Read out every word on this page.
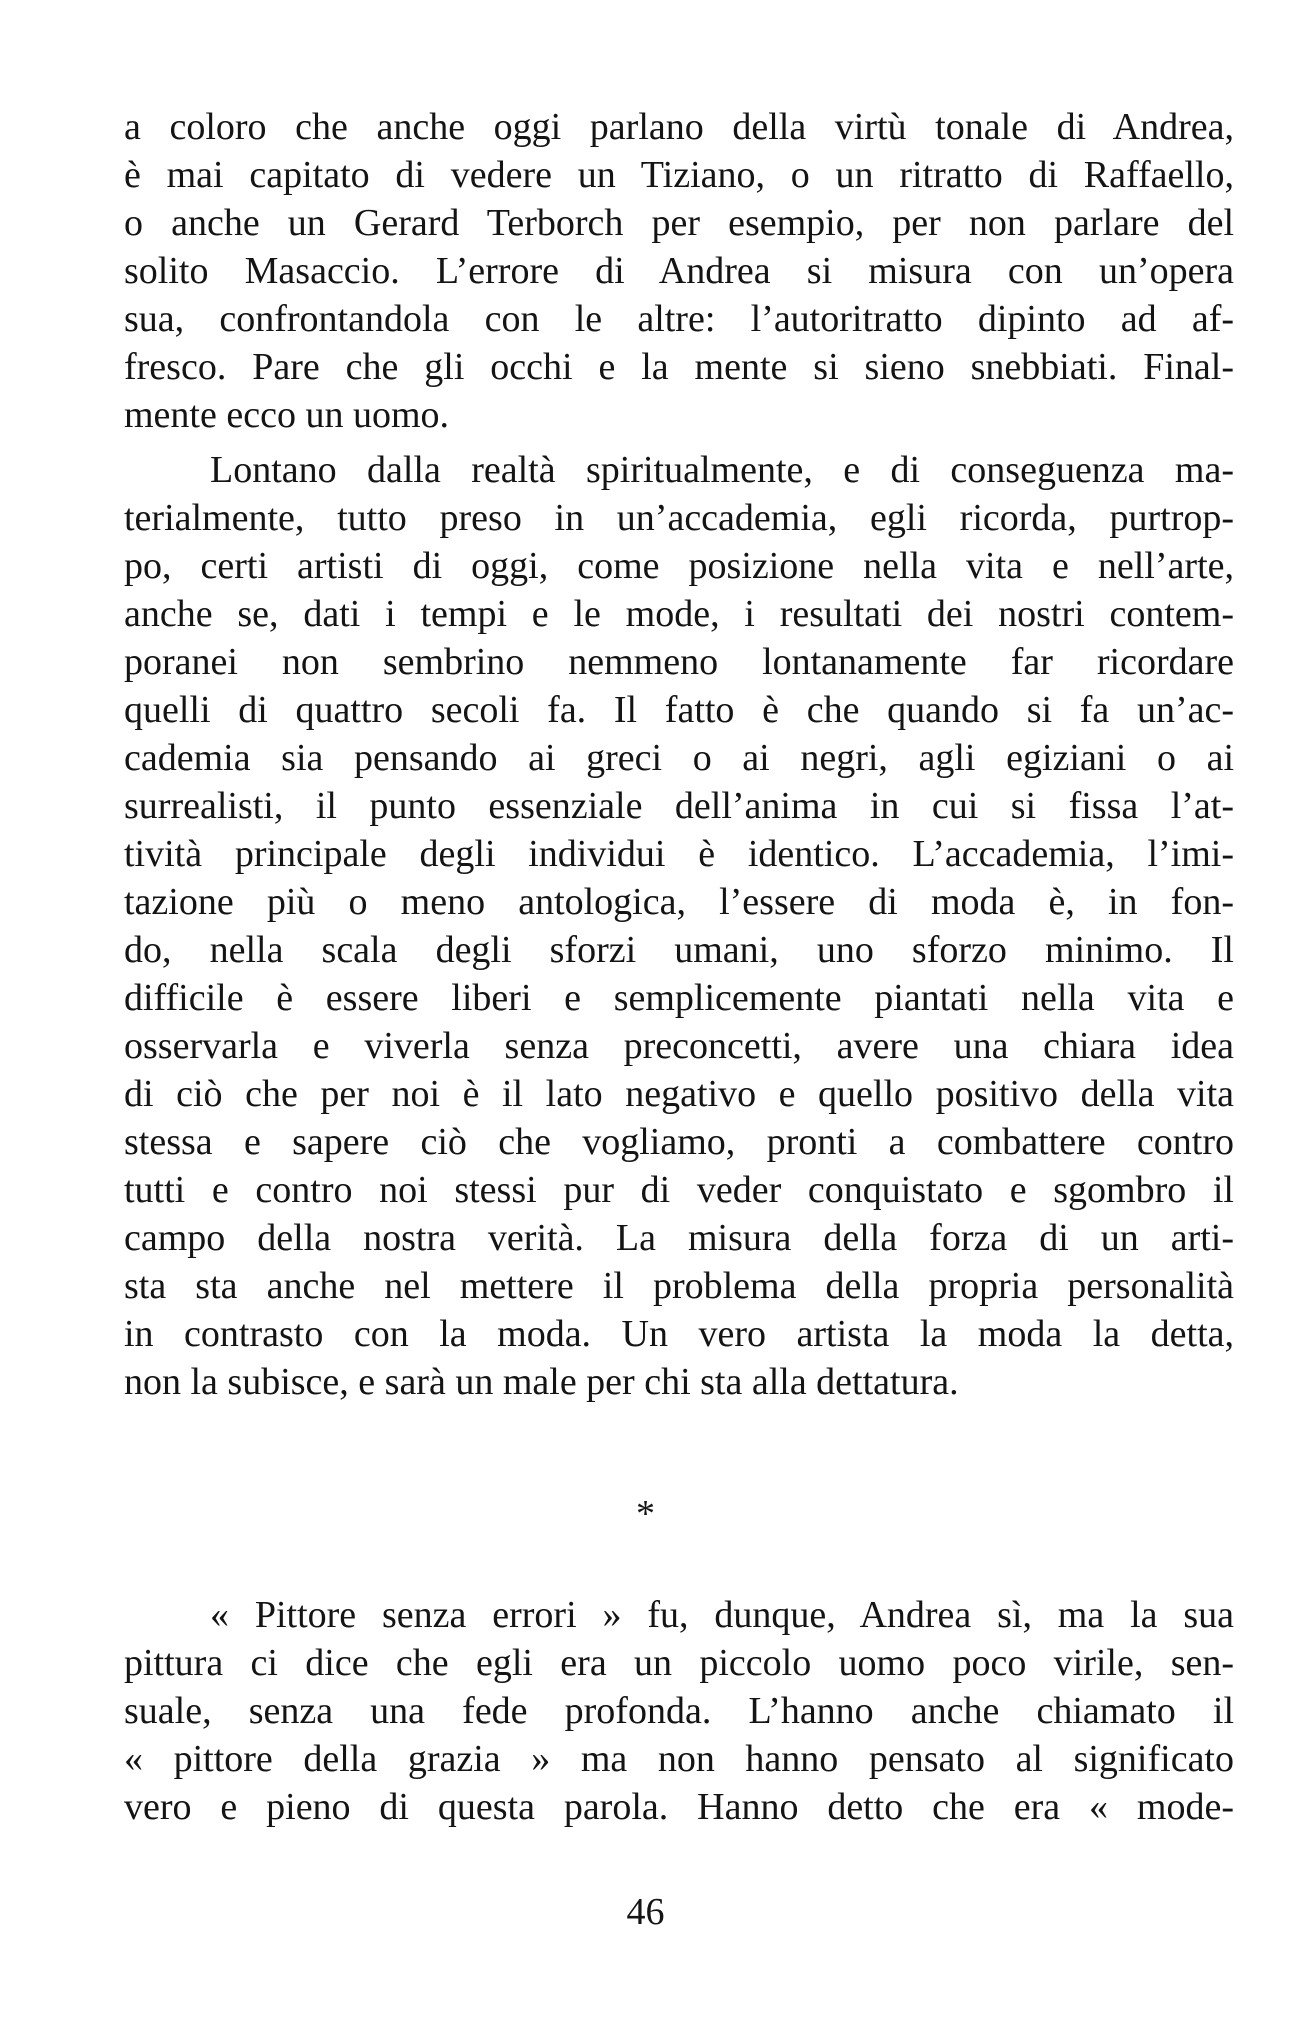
a coloro che anche oggi parlano della virtù tonale di Andrea,
è mai capitato di vedere un Tiziano, o un ritratto di Raffaello,
o anche un Gerard Terborch per esempio, per non parlare del
solito Masaccio. L’errore di Andrea si misura con un’opera
sua, confrontandola con le altre: l’autoritratto dipinto ad af-
fresco. Pare che gli occhi e la mente si sieno snebbiati. Final-
mente ecco un uomo.
Lontano dalla realtà spiritualmente, e di conseguenza ma-
terialmente, tutto preso in un’accademia, egli ricorda, purtrop-
po, certi artisti di oggi, come posizione nella vita e nell’arte,
anche se, dati i tempi e le mode, i resultati dei nostri contem-
poranei non sembrino nemmeno lontanamente far ricordare
quelli di quattro secoli fa. Il fatto è che quando si fa un’ac-
cademia sia pensando ai greci o ai negri, agli egiziani o ai
surrealisti, il punto essenziale dell’anima in cui si fissa l’at-
tività principale degli individui è identico. L’accademia, l’imi-
tazione più o meno antologica, l’essere di moda è, in fon-
do, nella scala degli sforzi umani, uno sforzo minimo. Il
difficile è essere liberi e semplicemente piantati nella vita e
osservarla e viverla senza preconcetti, avere una chiara idea
di ciò che per noi è il lato negativo e quello positivo della vita
stessa e sapere ciò che vogliamo, pronti a combattere contro
tutti e contro noi stessi pur di veder conquistato e sgombro il
campo della nostra verità. La misura della forza di un arti-
sta sta anche nel mettere il problema della propria personalità
in contrasto con la moda. Un vero artista la moda la detta,
non la subisce, e sarà un male per chi sta alla dettatura.
*
« Pittore senza errori » fu, dunque, Andrea sì, ma la sua
pittura ci dice che egli era un piccolo uomo poco virile, sen-
suale, senza una fede profonda. L’hanno anche chiamato il
« pittore della grazia » ma non hanno pensato al significato
vero e pieno di questa parola. Hanno detto che era « mode-
46
